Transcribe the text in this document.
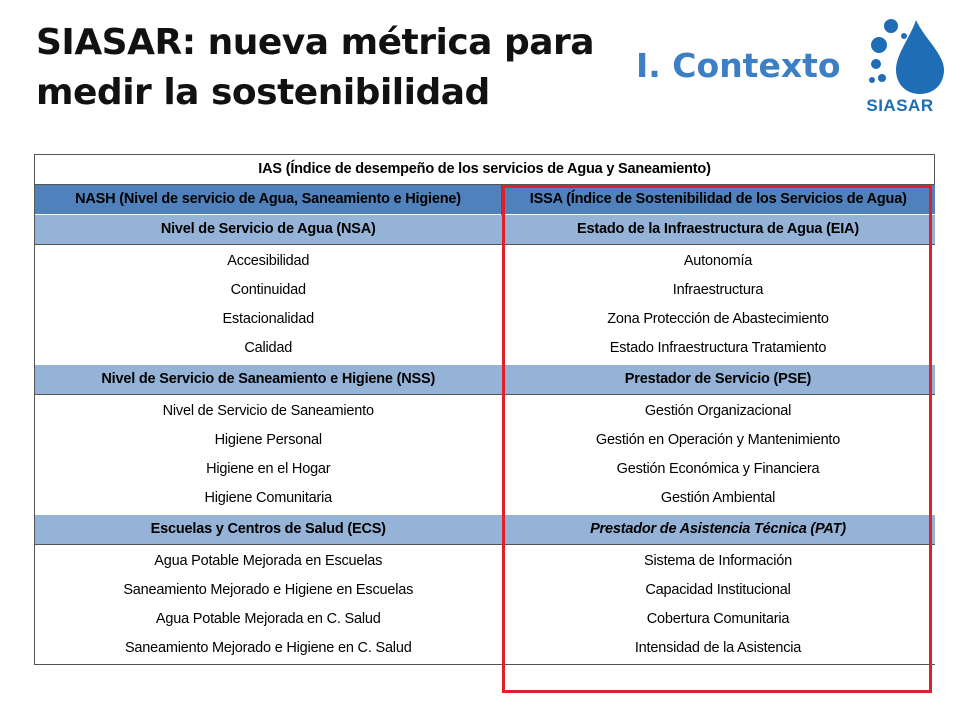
SIASAR: nueva métrica para
medir la sostenibilidad
I. Contexto
SIASAR
IAS (Índice de desempeño de los servicios de Agua y Saneamiento)	
NASH (Nivel de servicio de Agua, Saneamiento e Higiene)	ISSA (Índice de Sostenibilidad de los Servicios de Agua)
Nivel de Servicio de Agua (NSA)	Estado de la Infraestructura de Agua (EIA)
Accesibilidad	Autonomía
Continuidad	Infraestructura
Estacionalidad	Zona Protección de Abastecimiento
Calidad	Estado Infraestructura Tratamiento
Nivel de Servicio de Saneamiento e Higiene (NSS)	Prestador de Servicio (PSE)
Nivel de Servicio de Saneamiento	Gestión Organizacional
Higiene Personal	Gestión en Operación y Mantenimiento
Higiene en el Hogar	Gestión Económica y Financiera
Higiene Comunitaria	Gestión Ambiental
Escuelas y Centros de Salud (ECS)	Prestador de Asistencia Técnica (PAT)
Agua Potable Mejorada en Escuelas	Sistema de Información
Saneamiento Mejorado e Higiene en Escuelas	Capacidad Institucional
Agua Potable Mejorada en C. Salud	Cobertura Comunitaria
Saneamiento Mejorado e Higiene en C. Salud	Intensidad de la Asistencia
